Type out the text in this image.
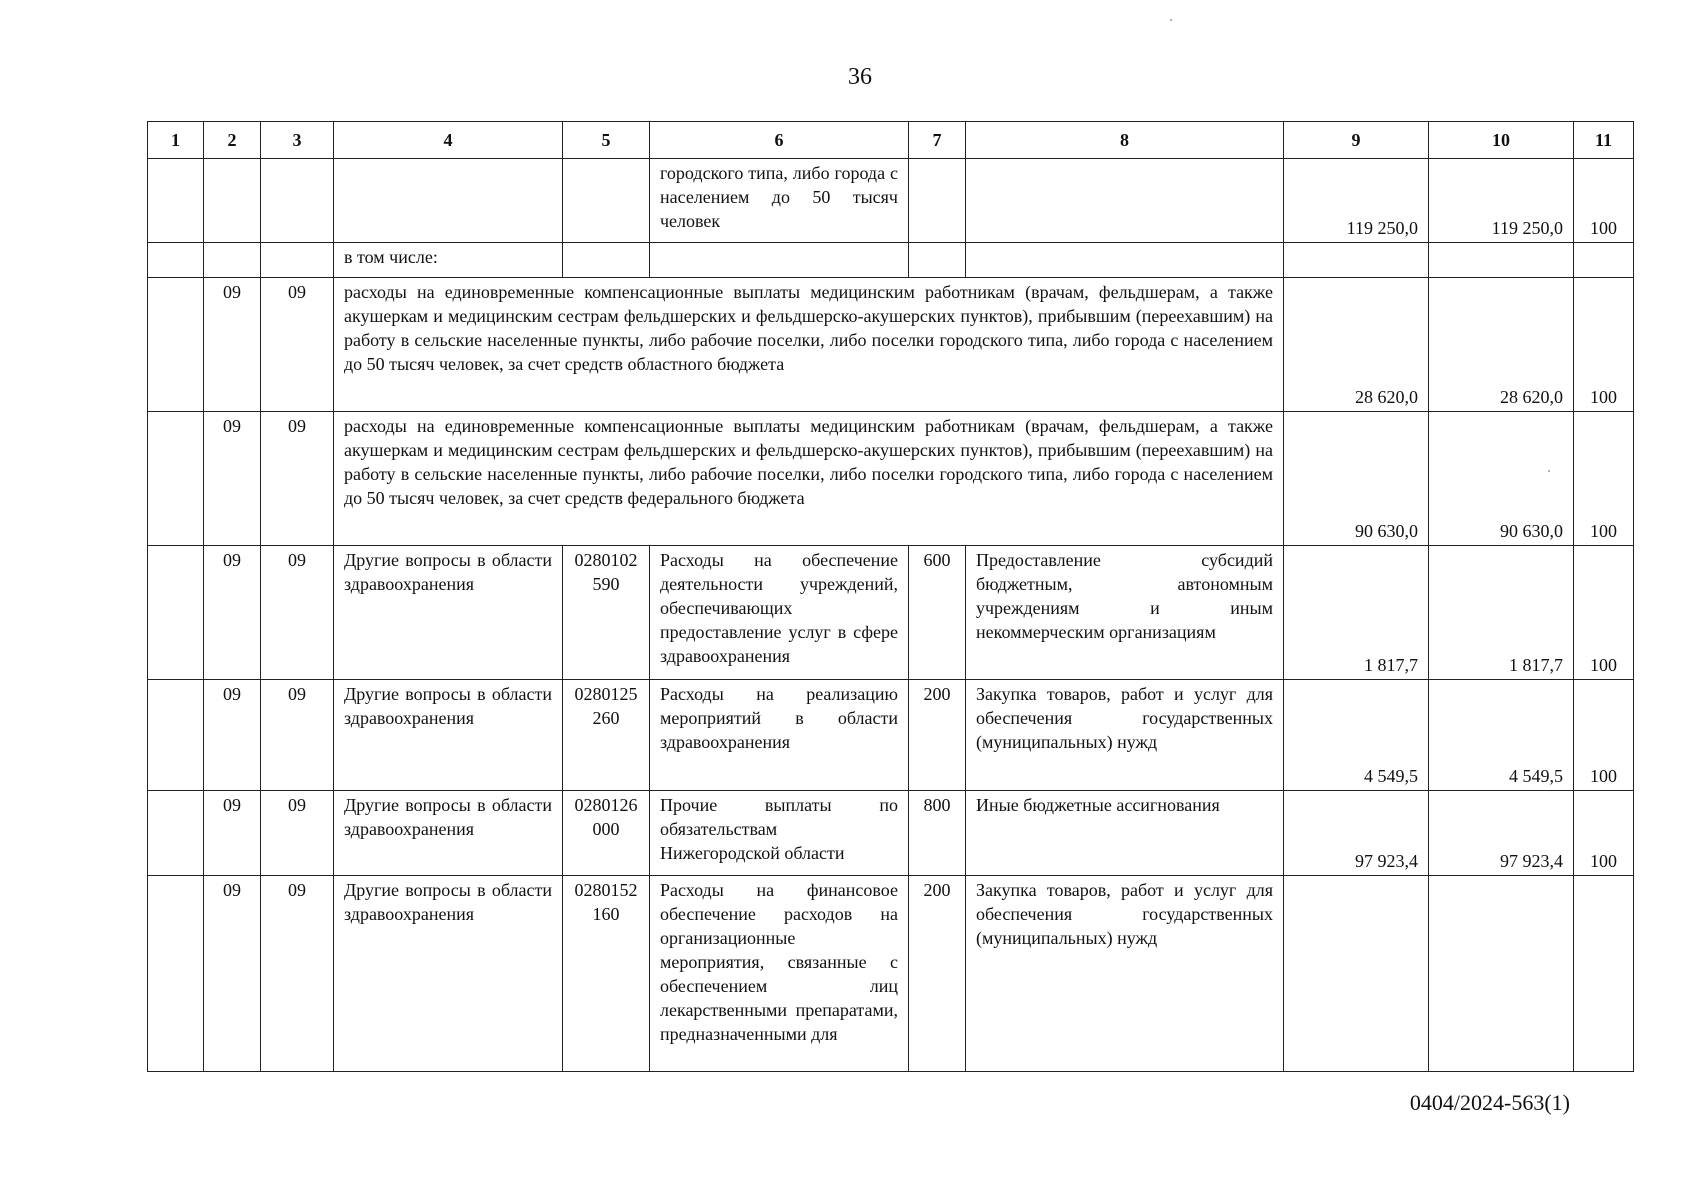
36
1	2	3	4	5	6	7	8	9	10	11
					городского типа, либо города с населением до 50 тысяч человек			119 250,0	119 250,0	100
			в том числе:							
	09	09	расходы на единовременные компенсационные выплаты медицинским работникам (врачам, фельдшерам, а также акушеркам и медицинским сестрам фельдшерских и фельдшерско-акушерских пунктов), прибывшим (переехавшим) на работу в сельские населенные пункты, либо рабочие поселки, либо поселки городского типа, либо города с населением до 50 тысяч человек, за счет средств областного бюджета					28 620,0	28 620,0	100
	09	09	расходы на единовременные компенсационные выплаты медицинским работникам (врачам, фельдшерам, а также акушеркам и медицинским сестрам фельдшерских и фельдшерско-акушерских пунктов), прибывшим (переехавшим) на работу в сельские населенные пункты, либо рабочие поселки, либо поселки городского типа, либо города с населением до 50 тысяч человек, за счет средств федерального бюджета					90 630,0	90 630,0	100
	09	09	Другие вопросы в области здравоохранения	0280102590	Расходы на обеспечение деятельности учреждений, обеспечивающих предоставление услуг в сфере здравоохранения	600	Предоставление субсидий бюджетным, автономным учреждениям и иным некоммерческим организациям	1 817,7	1 817,7	100
	09	09	Другие вопросы в области здравоохранения	0280125260	Расходы на реализацию мероприятий в области здравоохранения	200	Закупка товаров, работ и услуг для обеспечения государственных (муниципальных) нужд	4 549,5	4 549,5	100
	09	09	Другие вопросы в области здравоохранения	0280126000	Прочие выплаты по обязательствам Нижегородской области	800	Иные бюджетные ассигнования	97 923,4	97 923,4	100
	09	09	Другие вопросы в области здравоохранения	0280152160	Расходы на финансовое обеспечение расходов на организационные мероприятия, связанные с обеспечением лиц лекарственными препаратами, предназначенными для	200	Закупка товаров, работ и услуг для обеспечения государственных (муниципальных) нужд			
0404/2024-563(1)
